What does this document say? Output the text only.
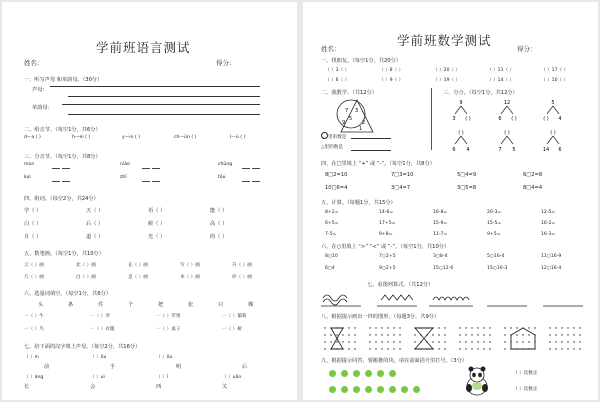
学前班语言测试
姓名：	得分：
一、听写声母 和单韵母。（30分）
声母：
单韵母：
二、组音节。（每空1分，共6分）
d—a ( )	h—ei ( )	y—in ( )	ch—ün ( )	l—ü ( )
三、分音节。（每空1分，共8分）
mùn	niǎo	chūng
kuì	zhī	tōu
四、组词。（每空2分，共24分）
五、数笔画。（每空1分，共10分）
六、选量词填空。（每空1分，共6分）
七、给下面的汉字填上声母。（每空2分，共16分）
学（ ）	天（ ）	语（ ）	能（ ）
白（ ）	后（ ）	候（ ）	高（ ）
月（ ）	道（ ）	光（ ）	的（ ）
云（ ）画	北（ ）画	长（ ）画	写（ ）画	升（ ）画
几（ ）画	白（ ）画	是（ ）画	本（ ）画	你（ ）画
头	条	件	个	把	张	只	棵
一（ ）牛	一（ ）伞	一（ ）苹果	一（ ）葡萄
一（ ）鸟	一（ ）衣服	一（ ）桌子	一（ ）树
（ ）ìn	（ ）ǒu	（ ）ǒu
前	手	明	后
（ ）áng	（ ）uì	（ ）ī	（ ）uān
长	会	西	关
学前班数学测试
姓名：	得分：
一、找朋友。（每空1分，共20分）
二、我数学。（共12分）
7 3
5
9	2
1
里的数是
△里的数是
三、分合。（每空1分，共12分）
9
3 ( )
( )
6 4
12
6 ( )
( )
7 5
5
( ) 4
( )
14 6
四、在□里填上 “+” 或 “-”。（每空1分，共8分）
五、计算。（每题1分，共15分）
六、在○里填上 “>” “<” 或 “-”。（每空1分，共10分）
七、看图列算式。（共12分）
八、根据提示画出一样的图形。（每题3分，共9分）
九、根据提示回答，要搬推的块，请在前面括号里打号。（3分）
（ ）次数定
（ ）次数定
（ ）3（ ）	（ ）8（ ）	（ ）20（ ）	（ ）11（ ）	（ ）17（ ）
（ ）6（ ）	（ ）9（ ）	（ ）19（ ）	（ ）14（ ）	（ ）10（ ）
8□2=10	7□3=10	5□4=9	6□2=8
10□6=4	3□4=7	3□5=8	8□4=4
8+2=	14-6=	16-8=	20-3=	12-5=
6+5=	17+5=	15-9=	15-5=	16-2=
7-5=	9+8=	11-7=	9+5=	16-3=
8○10	7○2+5	3○8-4	5○16-4	11○16-9
6○4	9○2+5	15○12-6	15○16-3	12○16-4
